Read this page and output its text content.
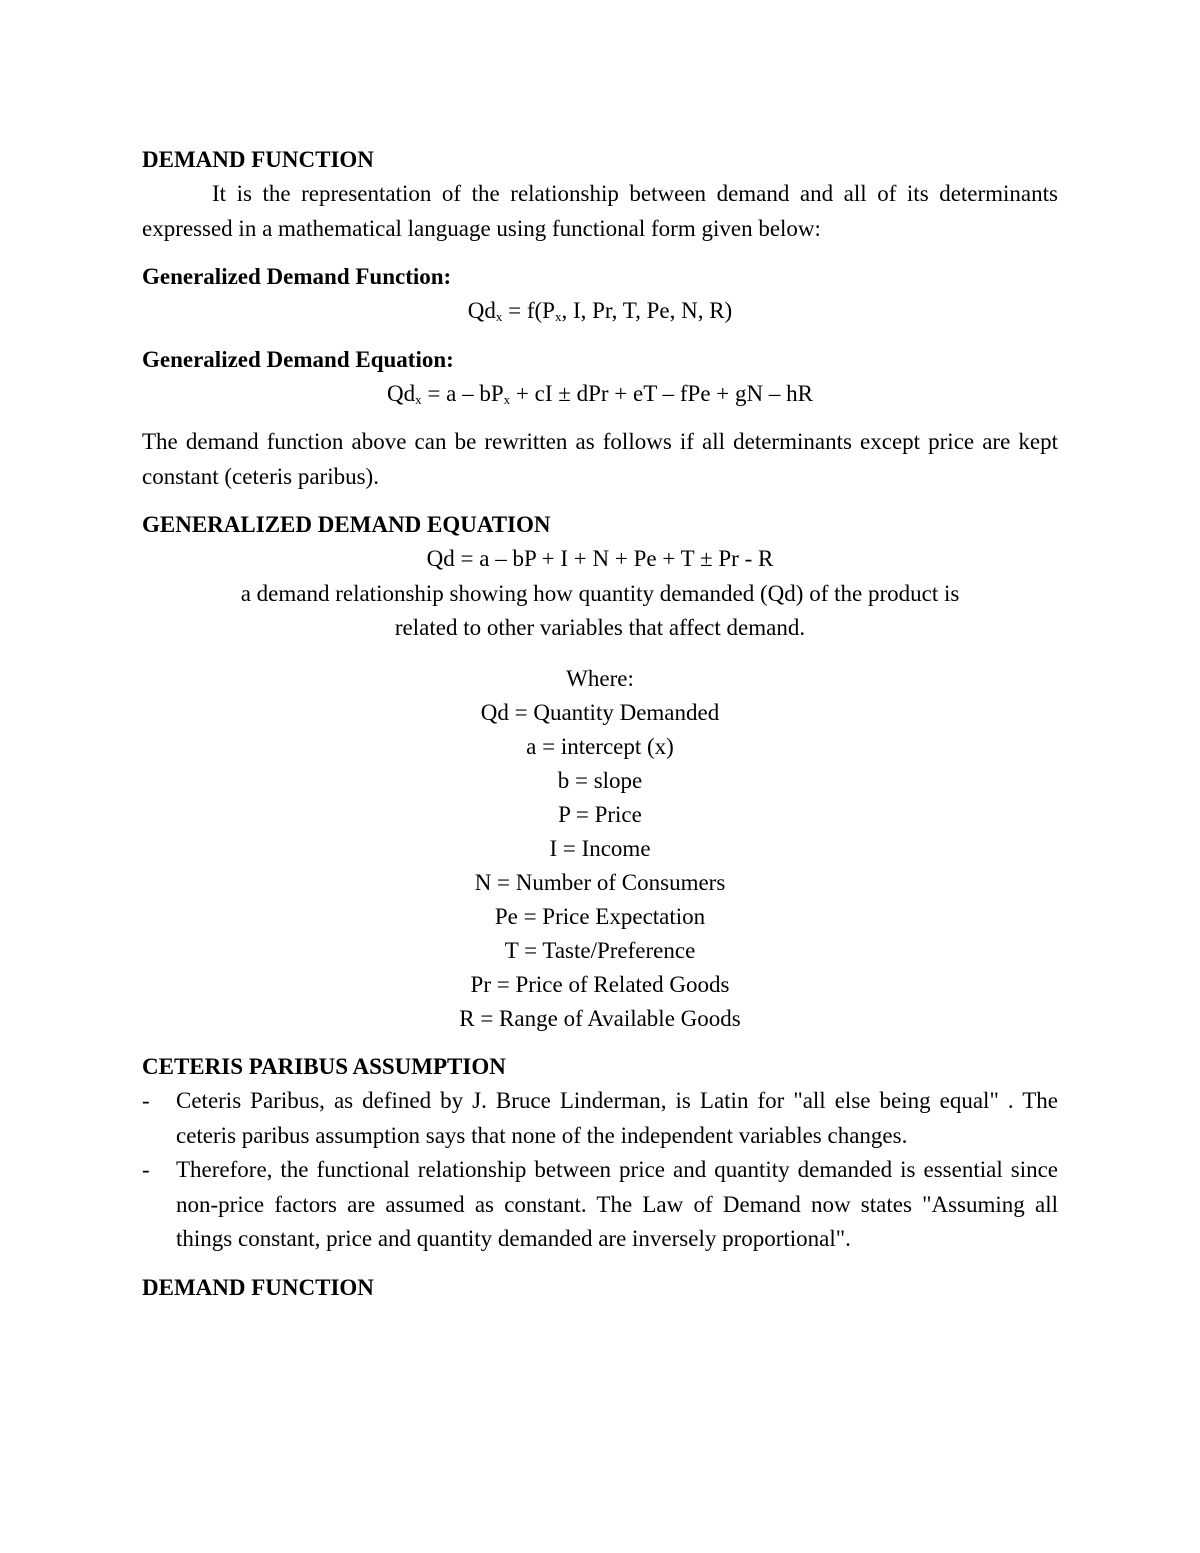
DEMAND FUNCTION

It is the representation of the relationship between demand and all of its determinants expressed in a mathematical language using functional form given below:

Generalized Demand Function:

$Qd_x = f(P_x$, I, Pr, T, Pe, N, R)

Generalized Demand Equation:

$Qd_x = a - bP_x$ + cI ± dPr + eT – fPe + gN – hR

The demand function above can be rewritten as follows if all determinants except price are kept constant (ceteris paribus).

GENERALIZED DEMAND EQUATION

Qd = a – bP + I + N + Pe + T ± Pr - R

a demand relationship showing how quantity demanded (Qd) of the product is

related to other variables that affect demand.

Where:

Qd = Quantity Demanded
a = intercept (x)
b = slope
P = Price
I = Income
N = Number of Consumers
Pe = Price Expectation
T = Taste/Preference
Pr = Price of Related Goods
R = Range of Available Goods

CETERIS PARIBUS ASSUMPTION

- Ceteris Paribus, as defined by J. Bruce Linderman, is Latin for "all else being equal" . The ceteris paribus assumption says that none of the independent variables changes.

- Therefore, the functional relationship between price and quantity demanded is essential since non-price factors are assumed as constant. The Law of Demand now states "Assuming all things constant, price and quantity demanded are inversely proportional".

DEMAND FUNCTION
